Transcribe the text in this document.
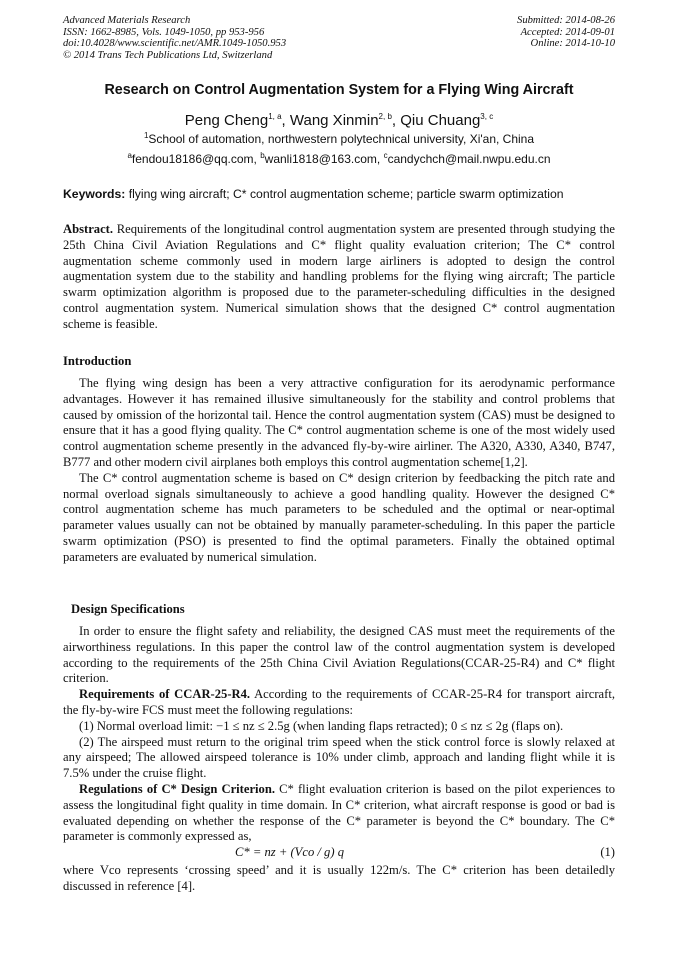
Advanced Materials Research
ISSN: 1662-8985, Vols. 1049-1050, pp 953-956
doi:10.4028/www.scientific.net/AMR.1049-1050.953
© 2014 Trans Tech Publications Ltd, Switzerland
Submitted: 2014-08-26
Accepted: 2014-09-01
Online: 2014-10-10
Research on Control Augmentation System for a Flying Wing Aircraft
Peng Cheng$^{1, a}$, Wang Xinmin$^{2, b}$, Qiu Chuang$^{3, c}$
$^1$School of automation, northwestern polytechnical university, Xi'an, China
$^a$fendou18186@qq.com, $^b$wanli1818@163.com, $^c$candychch@mail.nwpu.edu.cn
Keywords: flying wing aircraft; C* control augmentation scheme; particle swarm optimization

Abstract. Requirements of the longitudinal control augmentation system are presented through studying the 25th China Civil Aviation Regulations and C* flight quality evaluation criterion; The C* control augmentation scheme commonly used in modern large airliners is adopted to design the control augmentation system due to the stability and handling problems for the flying wing aircraft; The particle swarm optimization algorithm is proposed due to the parameter-scheduling difficulties in the designed control augmentation system. Numerical simulation shows that the designed C* control augmentation scheme is feasible.

Introduction

The flying wing design has been a very attractive configuration for its aerodynamic performance advantages. However it has remained illusive simultaneously for the stability and control problems that caused by omission of the horizontal tail. Hence the control augmentation system (CAS) must be designed to ensure that it has a good flying quality. The C* control augmentation scheme is one of the most widely used control augmentation scheme presently in the advanced fly-by-wire airliner. The A320, A330, A340, B747, B777 and other modern civil airplanes both employs this control augmentation scheme[1,2].

The C* control augmentation scheme is based on C* design criterion by feedbacking the pitch rate and normal overload signals simultaneously to achieve a good handling quality. However the designed C* control augmentation scheme has much parameters to be scheduled and the optimal or near-optimal parameter values usually can not be obtained by manually parameter-scheduling. In this paper the particle swarm optimization (PSO) is presented to find the optimal parameters. Finally the obtained optimal parameters are evaluated by numerical simulation.

Design Specifications

In order to ensure the flight safety and reliability, the designed CAS must meet the requirements of the airworthiness regulations. In this paper the control law of the control augmentation system is developed according to the requirements of the 25th China Civil Aviation Regulations(CCAR-25-R4) and C* flight criterion.

Requirements of CCAR-25-R4. According to the requirements of CCAR-25-R4 for transport aircraft, the fly-by-wire FCS must meet the following regulations:

(1) Normal overload limit: −1 ≤ nz ≤ 2.5g (when landing flaps retracted); 0 ≤ nz ≤ 2g (flaps on).

(2) The airspeed must return to the original trim speed when the stick control force is slowly relaxed at any airspeed; The allowed airspeed tolerance is 10% under climb, approach and landing flight while it is 7.5% under the cruise flight.

Regulations of C* Design Criterion. C* flight evaluation criterion is based on the pilot experiences to assess the longitudinal fight quality in time domain. In C* criterion, what aircraft response is good or bad is evaluated depending on whether the response of the C* parameter is beyond the C* boundary. The C* parameter is commonly expressed as,

C* = nz + (Vco / g) q	(1)

where Vco represents ‘crossing speed’ and it is usually 122m/s. The C* criterion has been detailedly discussed in reference [4].
